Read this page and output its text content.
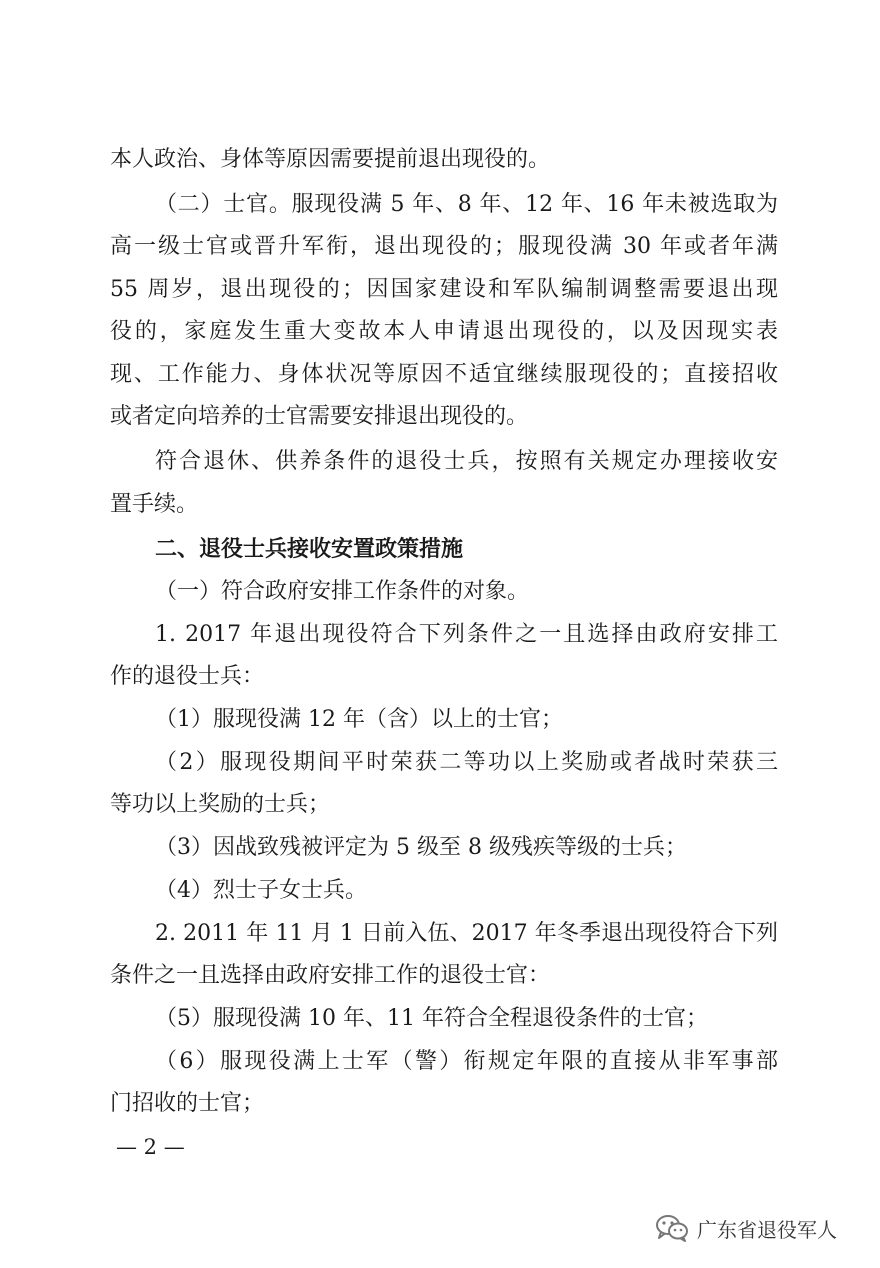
本人政治、身体等原因需要提前退出现役的。
（二）士官。服现役满 5 年、8 年、12 年、16 年未被选取为
高一级士官或晋升军衔，退出现役的；服现役满 30 年或者年满
55 周岁，退出现役的；因国家建设和军队编制调整需要退出现
役的，家庭发生重大变故本人申请退出现役的，以及因现实表
现、工作能力、身体状况等原因不适宜继续服现役的；直接招收
或者定向培养的士官需要安排退出现役的。
符合退休、供养条件的退役士兵，按照有关规定办理接收安
置手续。
二、退役士兵接收安置政策措施
（一）符合政府安排工作条件的对象。
1. 2017 年退出现役符合下列条件之一且选择由政府安排工
作的退役士兵：
（1）服现役满 12 年（含）以上的士官；
（2）服现役期间平时荣获二等功以上奖励或者战时荣获三
等功以上奖励的士兵；
（3）因战致残被评定为 5 级至 8 级残疾等级的士兵；
（4）烈士子女士兵。
2. 2011 年 11 月 1 日前入伍、2017 年冬季退出现役符合下列
条件之一且选择由政府安排工作的退役士官：
（5）服现役满 10 年、11 年符合全程退役条件的士官；
（6）服现役满上士军（警）衔规定年限的直接从非军事部
门招收的士官；
— 2 —
广东省退役军人
